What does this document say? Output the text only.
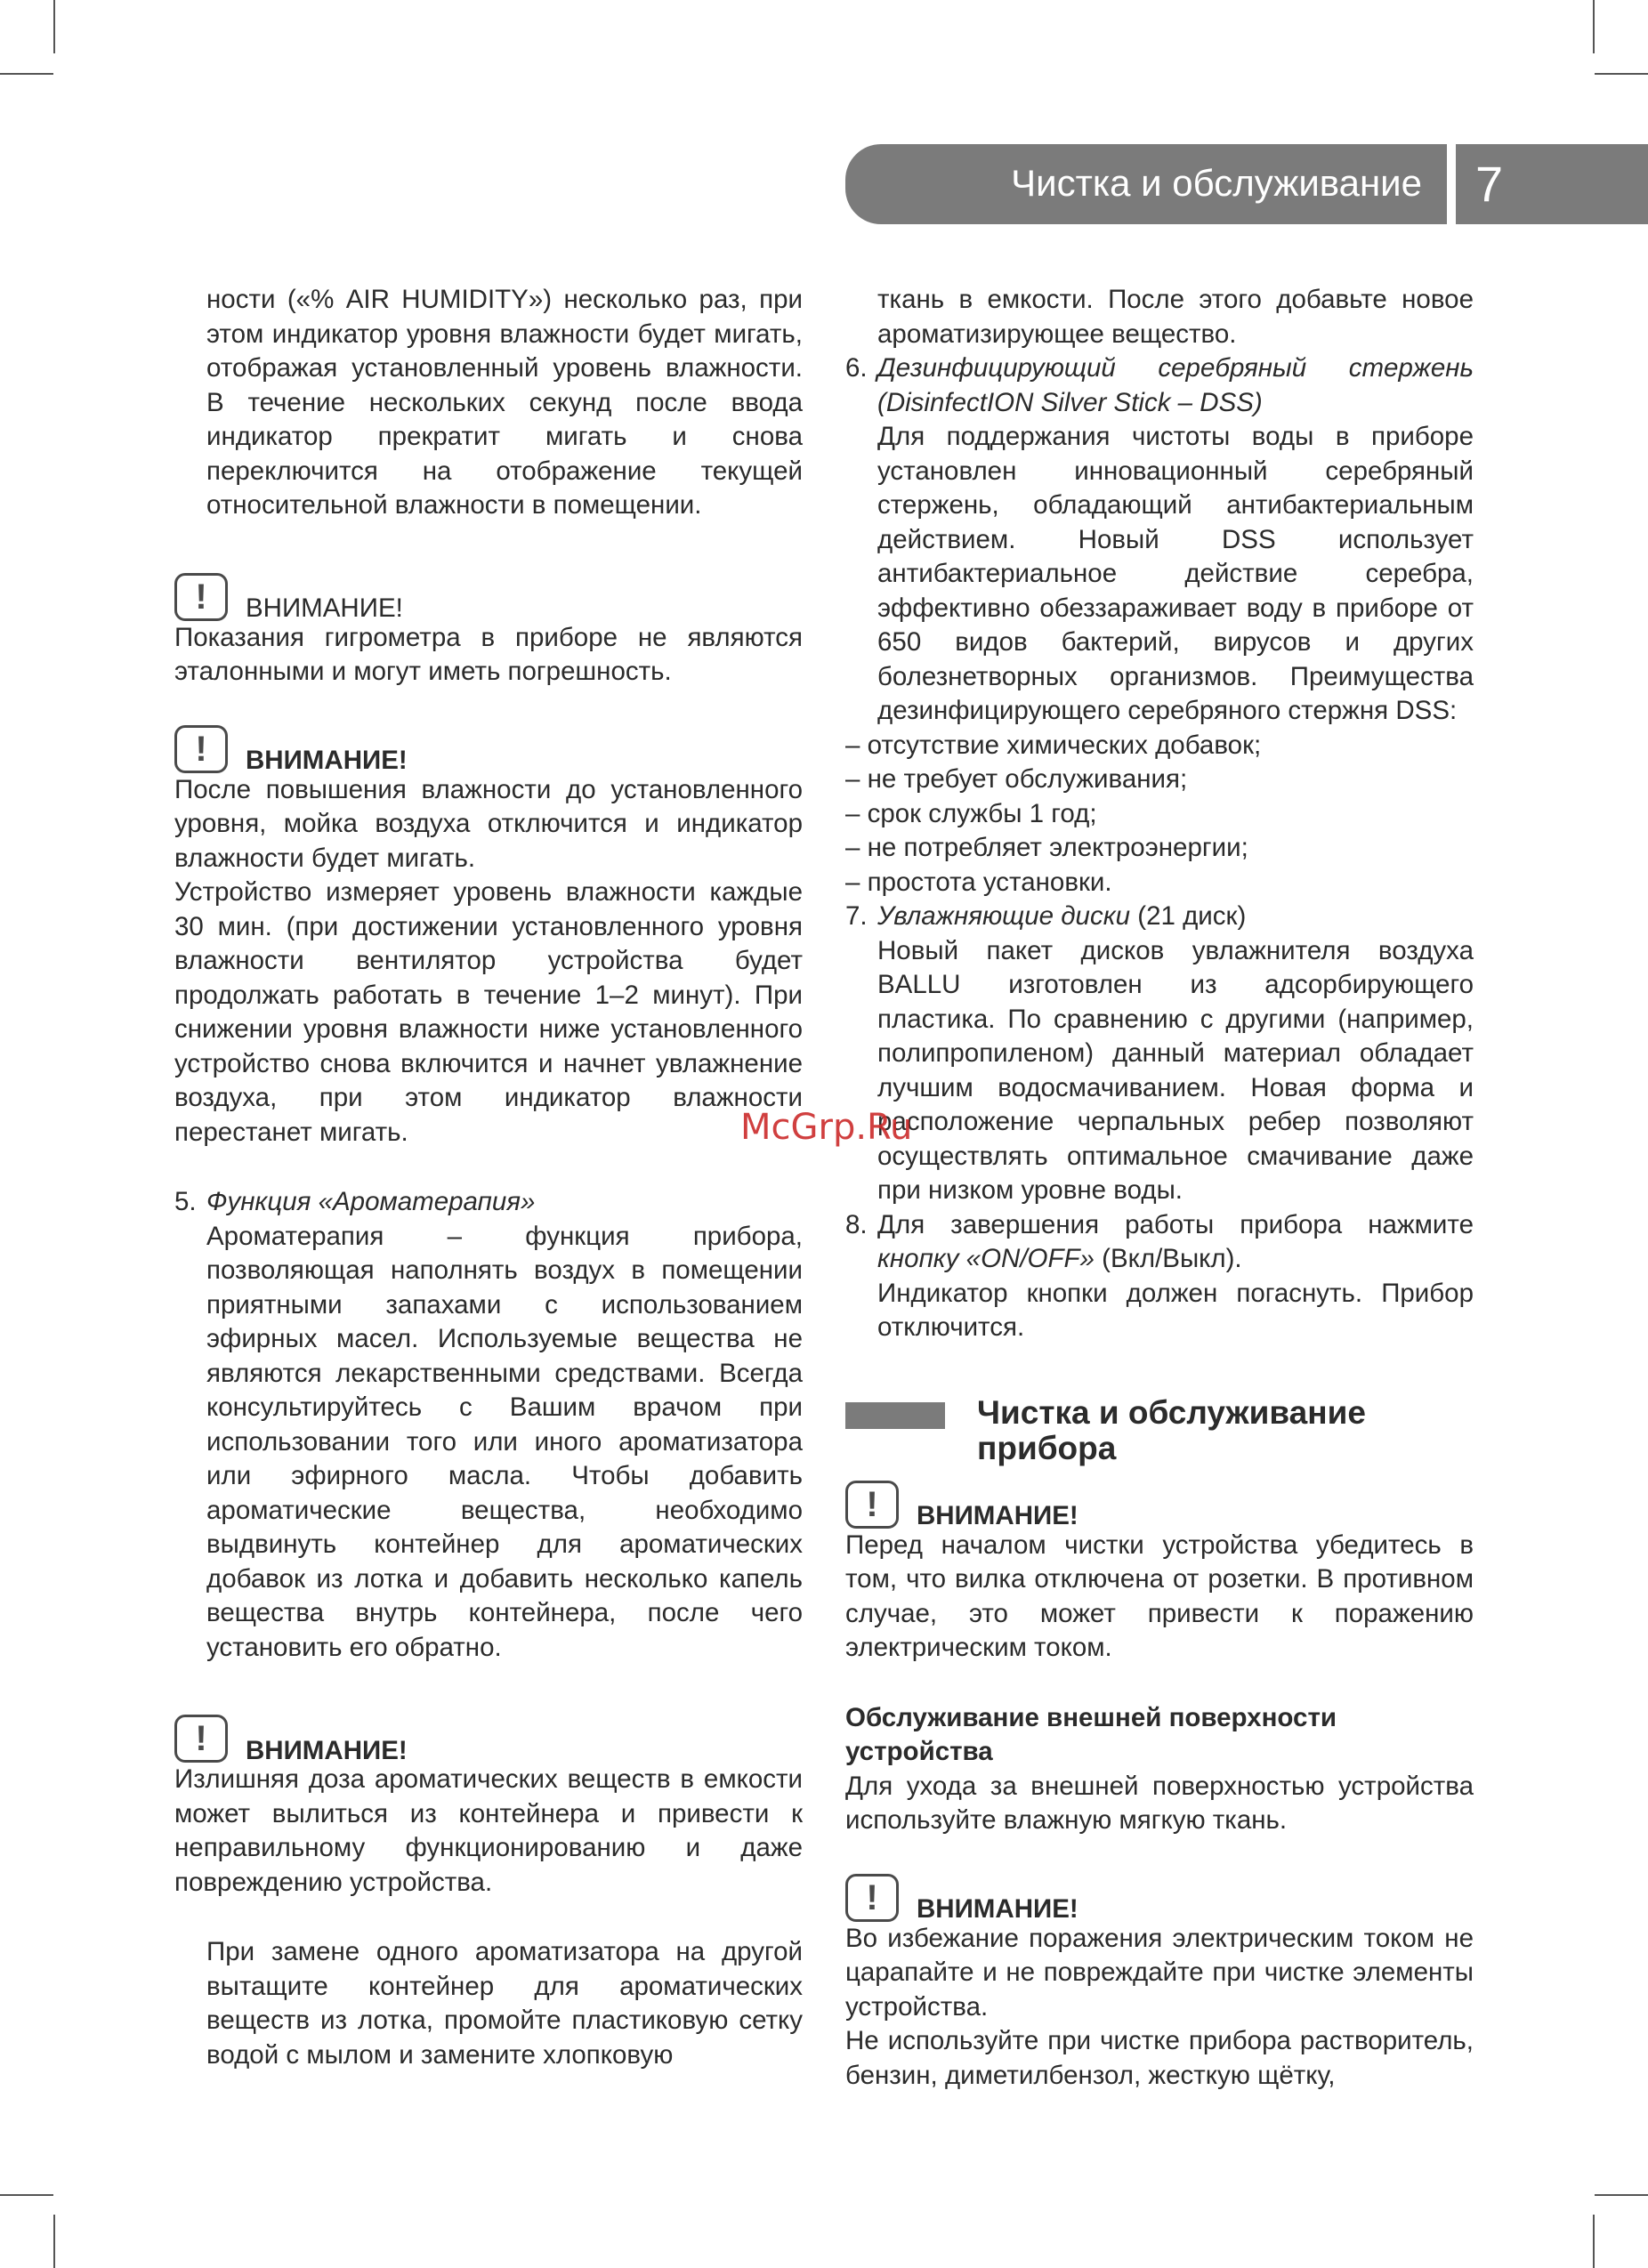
Чистка и обслуживание 7

ности («% AIR HUMIDITY») несколько раз, при этом индикатор уровня влажности будет мигать, отображая установленный уровень влажности. В течение нескольких секунд после ввода индикатор прекратит мигать и снова переключится на отображение текущей относительной влажности в помещении.

!	ВНИМАНИЕ!

Показания гигрометра в приборе не являются эталонными и могут иметь погрешность.

!	ВНИМАНИЕ!

После повышения влажности до установленного уровня, мойка воздуха отключится и индикатор влажности будет мигать.

Устройство измеряет уровень влажности каждые 30 мин. (при достижении установленного уровня влажности вентилятор устройства будет продолжать работать в течение 1–2 минут). При снижении уровня влажности ниже установленного устройство снова включится и начнет увлажнение воздуха, при этом индикатор влажности перестанет мигать.

5. Функция «Ароматерапия»

Ароматерапия – функция прибора, позволяющая наполнять воздух в помещении приятными запахами с использованием эфирных масел. Используемые вещества не являются лекарственными средствами. Всегда консультируйтесь с Вашим врачом при использовании того или иного ароматизатора или эфирного масла. Чтобы добавить ароматические вещества, необходимо выдвинуть контейнер для ароматических добавок из лотка и добавить несколько капель вещества внутрь контейнера, после чего установить его обратно.

!	ВНИМАНИЕ!

Излишняя доза ароматических веществ в емкости может вылиться из контейнера и привести к неправильному функционированию и даже повреждению устройства.

При замене одного ароматизатора на другой вытащите контейнер для ароматических веществ из лотка, промойте пластиковую сетку водой с мылом и замените хлопковую

ткань в емкости. После этого добавьте новое ароматизирующее вещество.

6. Дезинфицирующий серебряный стержень (DisinfectION Silver Stick – DSS)

Для поддержания чистоты воды в приборе установлен инновационный серебряный стержень, обладающий антибактериальным действием. Новый DSS использует антибактериальное действие серебра, эффективно обеззараживает воду в приборе от 650 видов бактерий, вирусов и других болезнетворных организмов. Преимущества дезинфицирующего серебряного стержня DSS:

– отсутствие химических добавок;

– не требует обслуживания;

– срок службы 1 год;

– не потребляет электроэнергии;

– простота установки.

7. Увлажняющие диски (21 диск)

Новый пакет дисков увлажнителя воздуха BALLU изготовлен из адсорбирующего пластика. По сравнению с другими (например, полипропиленом) данный материал обладает лучшим водосмачиванием. Новая форма и расположение черпальных ребер позволяют осуществлять оптимальное смачивание даже при низком уровне воды.

8. Для завершения работы прибора нажмите кнопку «ON/OFF» (Вкл/Выкл).

Индикатор кнопки должен погаснуть. Прибор отключится.

Чистка и обслуживание прибора

!	ВНИМАНИЕ!

Перед началом чистки устройства убедитесь в том, что вилка отключена от розетки. В противном случае, это может привести к поражению электрическим током.

Обслуживание внешней поверхности устройства

Для ухода за внешней поверхностью устройства используйте влажную мягкую ткань.

!	ВНИМАНИЕ!

Во избежание поражения электрическим током не царапайте и не повреждайте при чистке элементы устройства.

Не используйте при чистке прибора растворитель, бензин, диметилбензол, жесткую щётку,

McGrp.Ru
